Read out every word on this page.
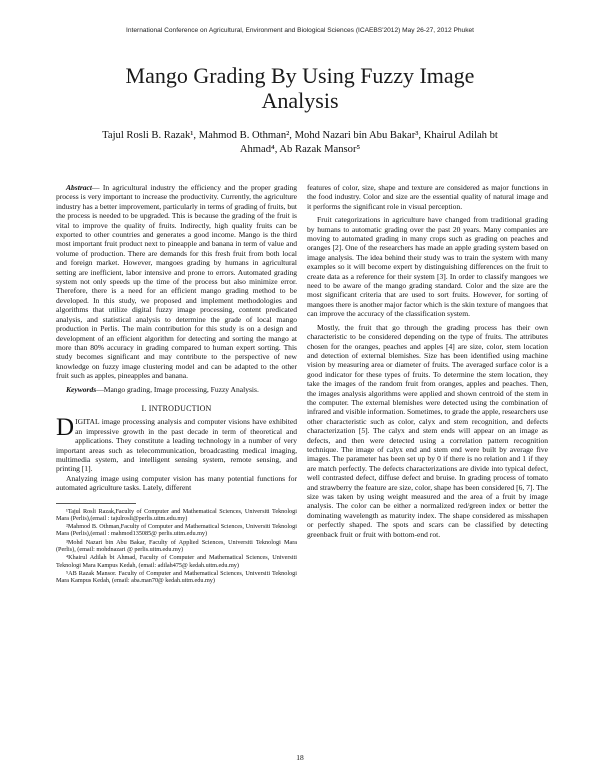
International Conference on Agricultural, Environment and Biological Sciences (ICAEBS'2012) May 26-27, 2012 Phuket
Mango Grading By Using Fuzzy Image
Analysis
Tajul Rosli B. Razak¹, Mahmod B. Othman², Mohd Nazari bin Abu Bakar³, Khairul Adilah bt
Ahmad⁴, Ab Razak Mansor⁵

Abstract— In agricultural industry the efficiency and the proper grading process is very important to increase the productivity. Currently, the agriculture industry has a better improvement, particularly in terms of grading of fruits, but the process is needed to be upgraded. This is because the grading of the fruit is vital to improve the quality of fruits. Indirectly, high quality fruits can be exported to other countries and generates a good income. Mango is the third most important fruit product next to pineapple and banana in term of value and volume of production. There are demands for this fresh fruit from both local and foreign market. However, mangoes grading by humans in agricultural setting are inefficient, labor intensive and prone to errors. Automated grading system not only speeds up the time of the process but also minimize error. Therefore, there is a need for an efficient mango grading method to be developed. In this study, we proposed and implement methodologies and algorithms that utilize digital fuzzy image processing, content predicated analysis, and statistical analysis to determine the grade of local mango production in Perlis. The main contribution for this study is on a design and development of an efficient algorithm for detecting and sorting the mango at more than 80% accuracy in grading compared to human expert sorting. This study becomes significant and may contribute to the perspective of new knowledge on fuzzy image clustering model and can be adapted to the other fruit such as apples, pineapples and banana.

Keywords—Mango grading, Image processing, Fuzzy Analysis.

I. INTRODUCTION

DIGITAL image processing analysis and computer visions have exhibited an impressive growth in the past decade in term of theoretical and applications. They constitute a leading technology in a number of very important areas such as telecommunication, broadcasting medical imaging, multimedia system, and intelligent sensing system, remote sensing, and printing [1].

Analyzing image using computer vision has many potential functions for automated agriculture tasks. Lately, different

¹Tajul Rosli Razak,Faculty of Computer and Mathematical Sciences, Universiti Teknologi Mara (Perlis),(email : tajulrosli@perlis.uitm.edu.my)

²Mahmod B. Othman,Faculty of Computer and Mathematical Sciences, Universiti Teknologi Mara (Perlis),(email : mahmod135085@ perlis.uitm.edu.my)

³Mohd Nazari bin Abu Bakar, Faculty of Applied Sciences, Universiti Teknologi Mara (Perlis), (email: mohdnazari @ perlis.uitm.edu.my)

⁴Khairul Adilah bt Ahmad, Faculty of Computer and Mathematical Sciences, Universiti Teknologi Mara Kampus Kedah, (email: adilah475@ kedah.uitm.edu.my)

⁵AB Razak Mansor. Faculty of Computer and Mathematical Sciences, Universiti Teknologi Mara Kampus Kedah, (email: aba.man70@ kedah.uitm.edu.my)

features of color, size, shape and texture are considered as major functions in the food industry. Color and size are the essential quality of natural image and it performs the significant role in visual perception.

Fruit categorizations in agriculture have changed from traditional grading by humans to automatic grading over the past 20 years. Many companies are moving to automated grading in many crops such as grading on peaches and oranges [2]. One of the researchers has made an apple grading system based on image analysis. The idea behind their study was to train the system with many examples so it will become expert by distinguishing differences on the fruit to create data as a reference for their system [3]. In order to classify mangoes we need to be aware of the mango grading standard. Color and the size are the most significant criteria that are used to sort fruits. However, for sorting of mangoes there is another major factor which is the skin texture of mangoes that can improve the accuracy of the classification system.

Mostly, the fruit that go through the grading process has their own characteristic to be considered depending on the type of fruits. The attributes chosen for the oranges, peaches and apples [4] are size, color, stem location and detection of external blemishes. Size has been identified using machine vision by measuring area or diameter of fruits. The averaged surface color is a good indicator for these types of fruits. To determine the stem location, they take the images of the random fruit from oranges, apples and peaches. Then, the images analysis algorithms were applied and shown centroid of the stem in the computer. The external blemishes were detected using the combination of infrared and visible information. Sometimes, to grade the apple, researchers use other characteristic such as color, calyx and stem recognition, and defects characterization [5]. The calyx and stem ends will appear on an image as defects, and then were detected using a correlation pattern recognition technique. The image of calyx end and stem end were built by average five images. The parameter has been set up by 0 if there is no relation and 1 if they are match perfectly. The defects characterizations are divide into typical defect, well contrasted defect, diffuse defect and bruise. In grading process of tomato and strawberry the feature are size, color, shape has been considered [6, 7]. The size was taken by using weight measured and the area of a fruit by image analysis. The color can be either a normalized red/green index or better the dominating wavelength as maturity index. The shape considered as misshapen or perfectly shaped. The spots and scars can be classified by detecting greenback fruit or fruit with bottom-end rot.

18
